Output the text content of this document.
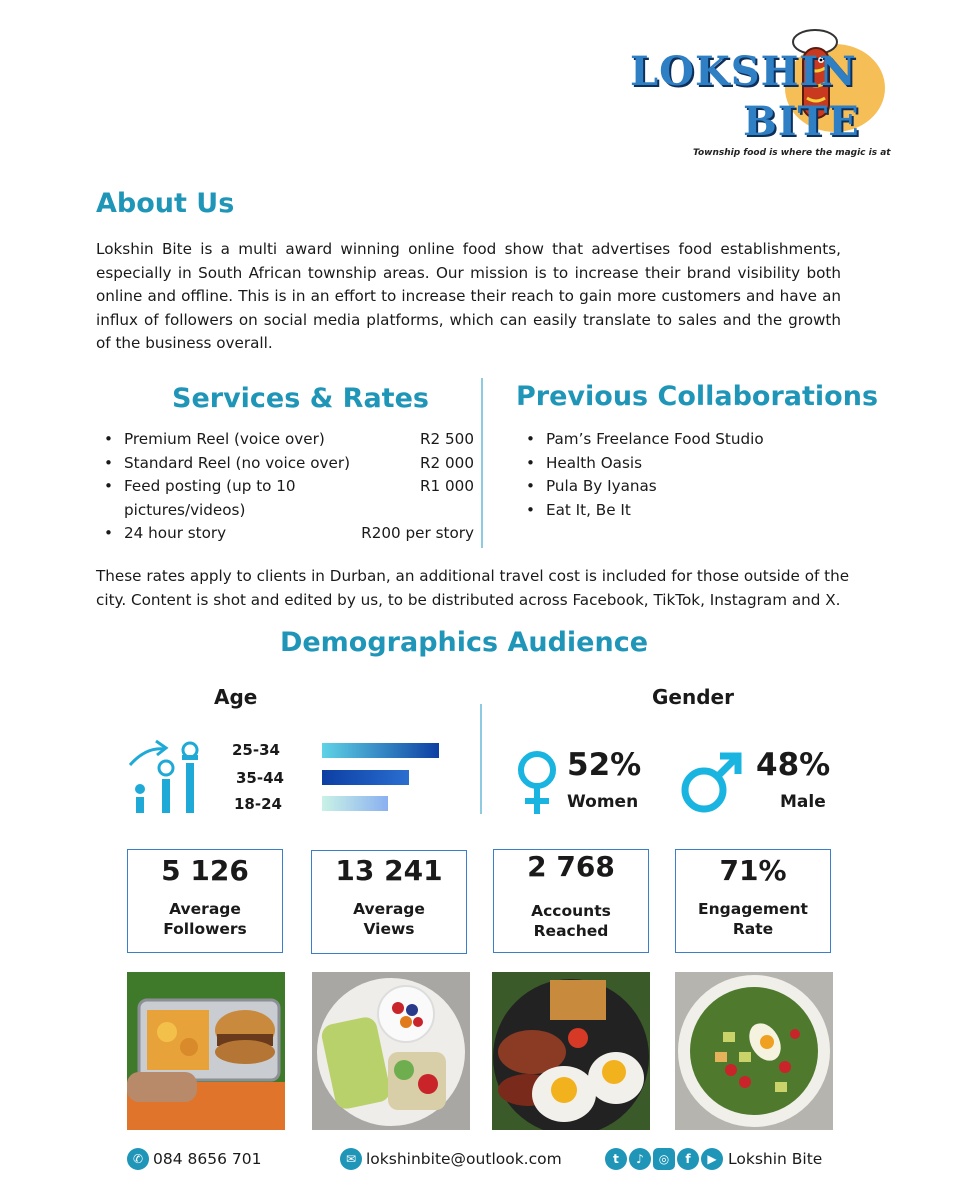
LOKSHIN
BITE
Township food is where the magic is at
About Us

Lokshin Bite is a multi award winning online food show that advertises food establishments, especially in South African township areas. Our mission is to increase their brand visibility both online and offline. This is in an effort to increase their reach to gain more customers and have an influx of followers on social media platforms, which can easily translate to sales and the growth of the business overall.

Services & Rates	Previous Collaborations
• Premium Reel (voice over)	R2 500
• Standard Reel (no voice over)	R2 000
• Feed posting (up to 10 pictures/videos)
R1 000
• 24 hour story	R200 per story
• Pam’s Freelance Food Studio
• Health Oasis
• Pula By Iyanas
• Eat It, Be It

These rates apply to clients in Durban, an additional travel cost is included for those outside of the city. Content is shot and edited by us, to be distributed across Facebook, TikTok, Instagram and X.

Demographics Audience
Age	Gender
25-34
35-44
18-24
52%
Women
48%
Male
5 126
Average
Followers
13 241
Average
Views
2 768
Accounts
Reached
71%
Engagement
Rate
✆ 084 8656 701	✉ lokshinbite@outlook.com	t	♪	◎	f	▶ Lokshin Bite
